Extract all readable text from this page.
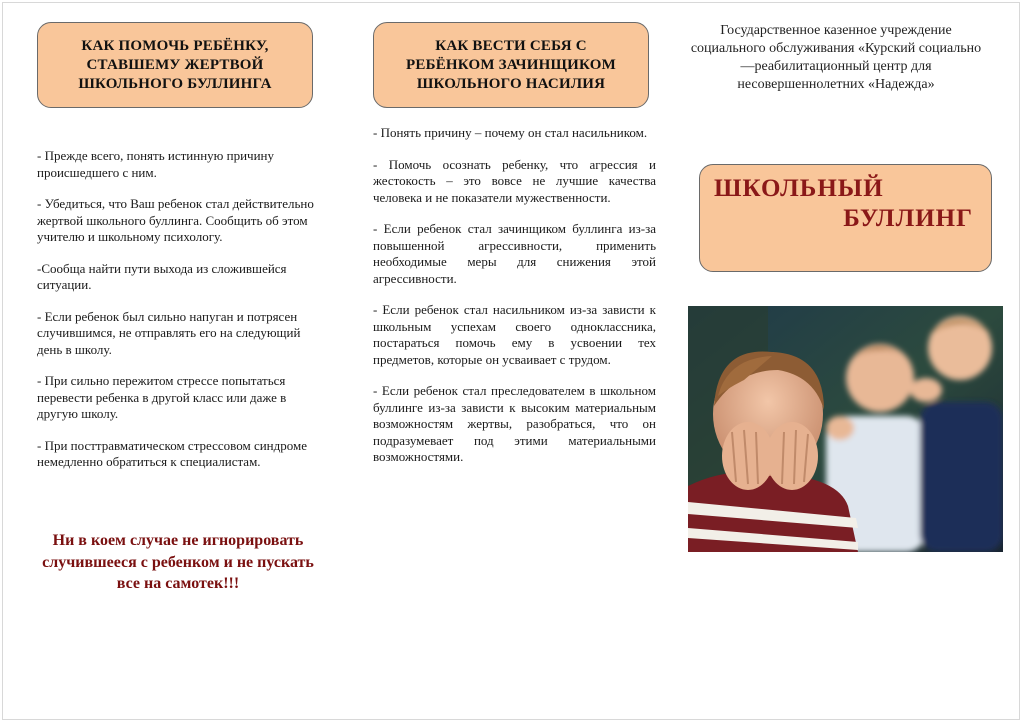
КАК ПОМОЧЬ РЕБЁНКУ,
СТАВШЕМУ ЖЕРТВОЙ
ШКОЛЬНОГО БУЛЛИНГА

- Прежде всего, понять истинную причину происшедшего с ним.

- Убедиться, что Ваш ребенок стал действительно жертвой школьного буллинга. Сообщить об этом учителю и школьному психологу.

-Сообща найти пути выхода из сложившейся ситуации.

- Если ребенок был сильно напуган и потрясен случившимся, не отправлять его на следующий день в школу.

- При сильно пережитом стрессе попытаться перевести ребенка в другой класс или даже в другую школу.

- При посттравматическом стрессовом синдроме немедленно обратиться к специалистам.

Ни в коем случае не игнорировать случившееся с ребенком и не пускать все на самотек!!!
КАК ВЕСТИ СЕБЯ С
РЕБЁНКОМ ЗАЧИНЩИКОМ
ШКОЛЬНОГО НАСИЛИЯ

- Понять причину – почему он стал насильником.

- Помочь осознать ребенку, что агрессия и жестокость – это вовсе не лучшие качества человека и не показатели мужественности.

- Если ребенок стал зачинщиком буллинга из-за повышенной агрессивности, применить необходимые меры для снижения этой агрессивности.

- Если ребенок стал насильником из-за зависти к школьным успехам своего одноклассника, постараться помочь ему в усвоении тех предметов, которые он усваивает с трудом.

- Если ребенок стал преследователем в школьном буллинге из-за зависти к высоким материальным возможностям жертвы, разобраться, что он подразумевает под этими материальными возможностями.

Государственное казенное учреждение социального обслуживания «Курский социально—реабилитационный центр для несовершеннолетних «Надежда»
ШКОЛЬНЫЙ
БУЛЛИНГ
